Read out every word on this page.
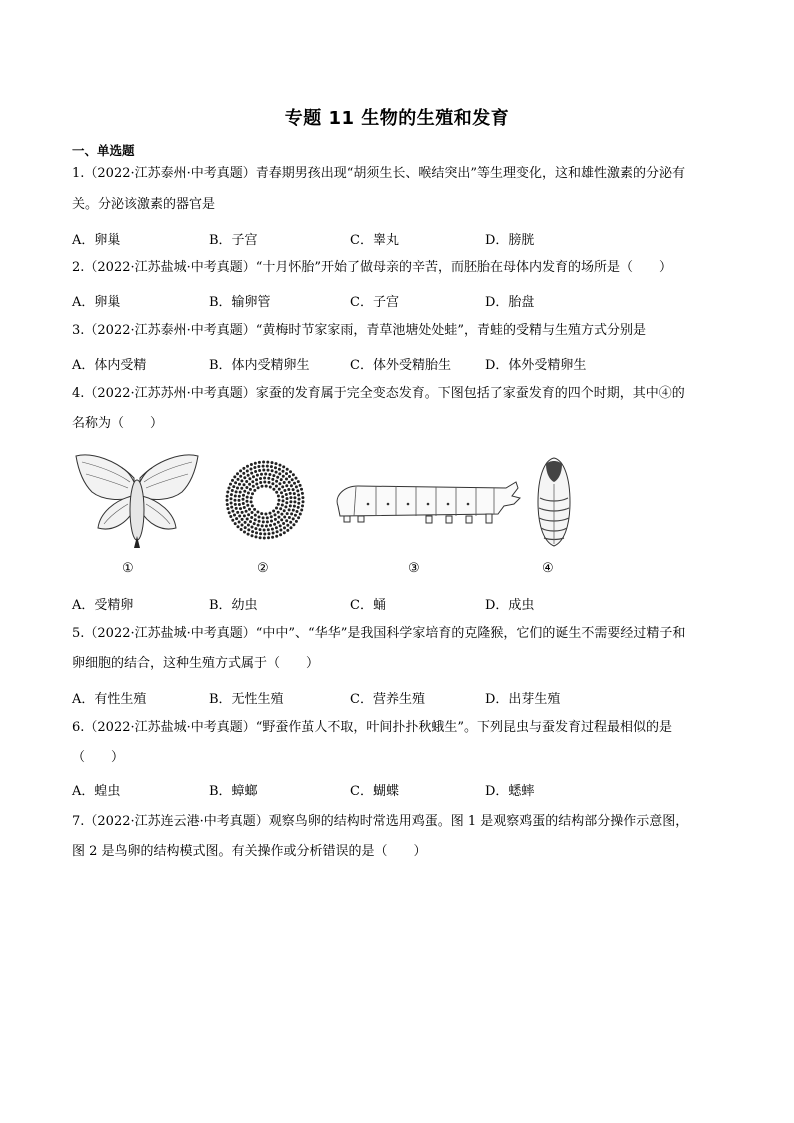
专题 11 生物的生殖和发育
一、单选题
1.（2022·江苏泰州·中考真题）青春期男孩出现“胡须生长、喉结突出”等生理变化，这和雄性激素的分泌有
关。分泌该激素的器官是
A．卵巢	B．子宫	C．睾丸	D．膀胱
2.（2022·江苏盐城·中考真题）“十月怀胎”开始了做母亲的辛苦，而胚胎在母体内发育的场所是（　　）
A．卵巢	B．输卵管	C．子宫	D．胎盘
3.（2022·江苏泰州·中考真题）“黄梅时节家家雨，青草池塘处处蛙”，青蛙的受精与生殖方式分别是
A．体内受精	B．体内受精卵生	C．体外受精胎生	D．体外受精卵生
4.（2022·江苏苏州·中考真题）家蚕的发育属于完全变态发育。下图包括了家蚕发育的四个时期，其中④的
名称为（　　）
①	②	③	④
A．受精卵	B．幼虫	C．蛹	D．成虫
5.（2022·江苏盐城·中考真题）“中中”、“华华”是我国科学家培育的克隆猴，它们的诞生不需要经过精子和
卵细胞的结合，这种生殖方式属于（　　）
A．有性生殖	B．无性生殖	C．营养生殖	D．出芽生殖
6.（2022·江苏盐城·中考真题）“野蚕作茧人不取，叶间扑扑秋蛾生”。下列昆虫与蚕发育过程最相似的是
（　　）
A．蝗虫	B．蟑螂	C．蝴蝶	D．蟋蟀
7.（2022·江苏连云港·中考真题）观察鸟卵的结构时常选用鸡蛋。图 1 是观察鸡蛋的结构部分操作示意图，
图 2 是鸟卵的结构模式图。有关操作或分析错误的是（　　）
